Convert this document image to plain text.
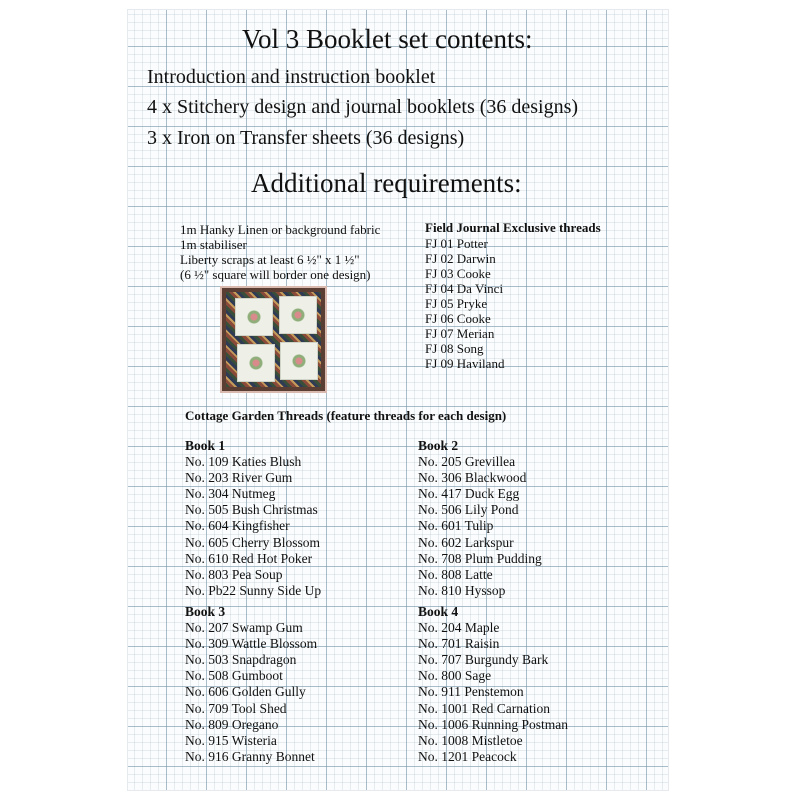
Vol 3 Booklet set contents:
Introduction and instruction booklet
4 x Stitchery design and journal booklets (36 designs)
3 x Iron on Transfer sheets (36 designs)
Additional requirements:
1m Hanky Linen or background fabric
1m stabiliser
Liberty scraps at least 6 ½" x 1 ½"
(6 ½" square will border one design)
Field Journal Exclusive threads
FJ 01 Potter
FJ 02 Darwin
FJ 03 Cooke
FJ 04 Da Vinci
FJ 05 Pryke
FJ 06 Cooke
FJ 07 Merian
FJ 08 Song
FJ 09 Haviland
Cottage Garden Threads (feature threads for each design)
Book 1
No. 109 Katies Blush
No. 203 River Gum
No. 304 Nutmeg
No. 505 Bush Christmas
No. 604 Kingfisher
No. 605 Cherry Blossom
No. 610 Red Hot Poker
No. 803 Pea Soup
No. Pb22 Sunny Side Up
Book 2
No. 205 Grevillea
No. 306 Blackwood
No. 417 Duck Egg
No. 506 Lily Pond
No. 601 Tulip
No. 602 Larkspur
No. 708 Plum Pudding
No. 808 Latte
No. 810 Hyssop
Book 3
No. 207 Swamp Gum
No. 309 Wattle Blossom
No. 503 Snapdragon
No. 508 Gumboot
No. 606 Golden Gully
No. 709 Tool Shed
No. 809 Oregano
No. 915 Wisteria
No. 916 Granny Bonnet
Book 4
No. 204 Maple
No. 701 Raisin
No. 707 Burgundy Bark
No. 800 Sage
No. 911 Penstemon
No. 1001 Red Carnation
No. 1006 Running Postman
No. 1008 Mistletoe
No. 1201 Peacock
